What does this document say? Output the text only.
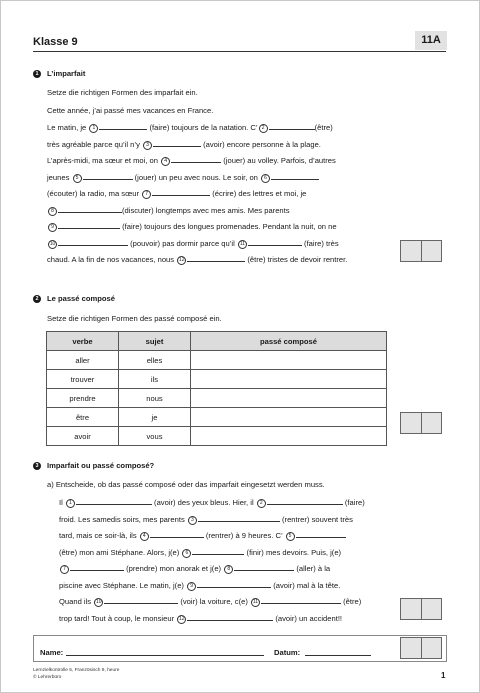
Klasse 9	11A
1	L’imparfait
Setze die richtigen Formen des imparfait ein.
Cette année, j’ai passé mes vacances en France.
Le matin, je 1	(faire) toujours de la natation. C’ 2	(être)
très agréable parce qu’il n’y 3	(avoir) encore personne à la plage.
L’après-midi, ma sœur et moi, on 4	(jouer) au volley. Parfois, d’autres
jeunes 5	(jouer) un peu avec nous. Le soir, on 6
(écouter) la radio, ma sœur 7	(écrire) des lettres et moi, je
8	(discuter) longtemps avec mes amis. Mes parents
9	(faire) toujours des longues promenades. Pendant la nuit, on ne
10	(pouvoir) pas dormir parce qu’il 11	(faire) très
chaud. A la fin de nos vacances, nous 12	(être) tristes de devoir rentrer.
2	Le passé composé
Setze die richtigen Formen des passé composé ein.
verbe	sujet	passé composé
aller	elles	
trouver	ils	
prendre	nous	
être	je	
avoir	vous	
3	Imparfait ou passé composé?
a) Entscheide, ob das passé composé oder das imparfait eingesetzt werden muss.
Il 1	(avoir) des yeux bleus. Hier, il 2	(faire)
froid. Les samedis soirs, mes parents 3	(rentrer) souvent très
tard, mais ce soir-là, ils 4	(rentrer) à 9 heures. C’ 5
(être) mon ami Stéphane. Alors, j(e) 6	(finir) mes devoirs. Puis, j(e)
7	(prendre) mon anorak et j(e) 8	(aller) à la
piscine avec Stéphane. Le matin, j(e) 9	(avoir) mal à la tête.
Quand ils 10	(voir) la voiture, c(e) 11	(être)
trop tard! Tout à coup, le monsieur 12	(avoir) un accident!!
Name:	Datum:
Lernzielkontrolle 5, Französisch 9, heure
© Lehrerbüro	1
